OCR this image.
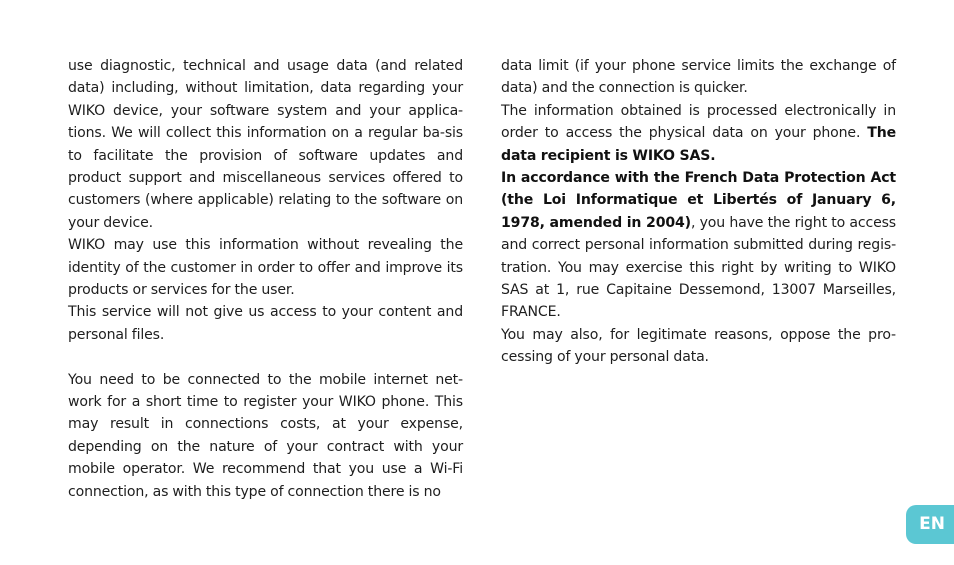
use diagnostic, technical and usage data (and related data) including, without limitation, data regarding your WIKO device, your software system and your applica-tions. We will collect this information on a regular ba-sis to facilitate the provision of software updates and product support and miscellaneous services offered to customers (where applicable) relating to the software on your device.

WIKO may use this information without revealing the identity of the customer in order to offer and improve its products or services for the user.

This service will not give us access to your content and personal files.

You need to be connected to the mobile internet net-work for a short time to register your WIKO phone. This may result in connections costs, at your expense, depending on the nature of your contract with your mobile operator. We recommend that you use a Wi-Fi connection, as with this type of connection there is no

data limit (if your phone service limits the exchange of data) and the connection is quicker.

The information obtained is processed electronically in order to access the physical data on your phone. The data recipient is WIKO SAS.

In accordance with the French Data Protection Act (the Loi Informatique et Libertés of January 6, 1978, amended in 2004), you have the right to access and correct personal information submitted during regis-tration. You may exercise this right by writing to WIKO SAS at 1, rue Capitaine Dessemond, 13007 Marseilles, FRANCE.

You may also, for legitimate reasons, oppose the pro-cessing of your personal data.

EN
